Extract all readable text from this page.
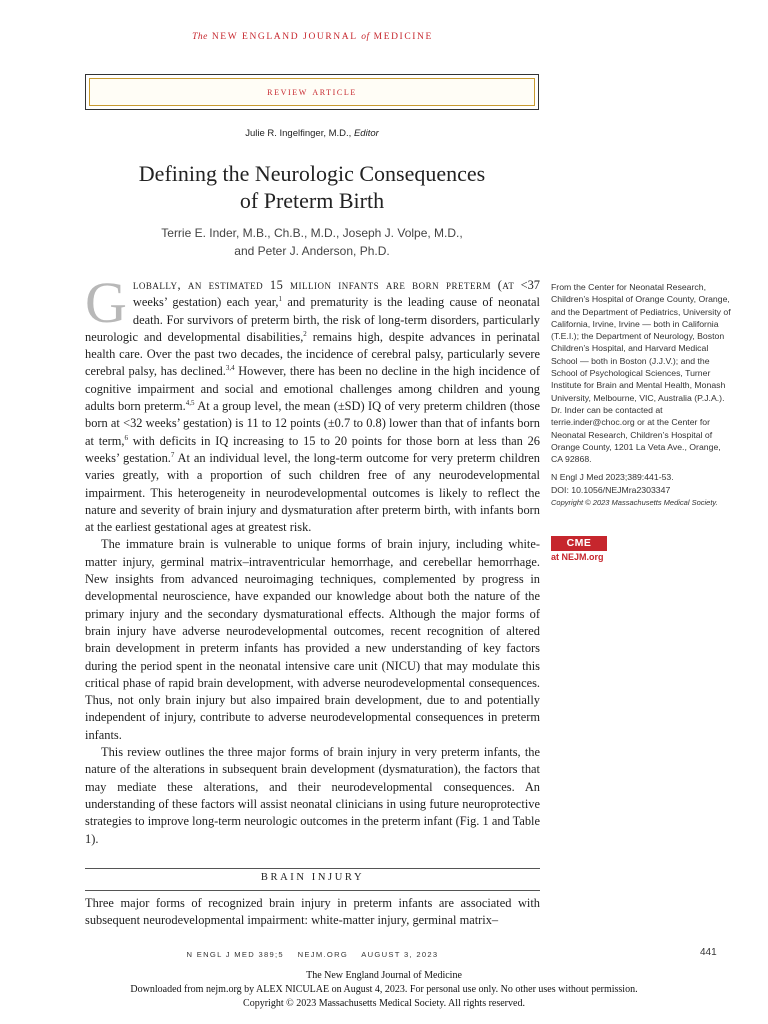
The NEW ENGLAND JOURNAL of MEDICINE
review article
Julie R. Ingelfinger, M.D., Editor
Defining the Neurologic Consequences
of Preterm Birth
Terrie E. Inder, M.B., Ch.B., M.D., Joseph J. Volpe, M.D.,
and Peter J. Anderson, Ph.D.

Globally, an estimated 15 million infants are born preterm (at <37 weeks’ gestation) each year,$^1$ and prematurity is the leading cause of neonatal death. For survivors of preterm birth, the risk of long-term disorders, particularly neurologic and developmental disabilities,$^2$ remains high, despite advances in perinatal health care. Over the past two decades, the incidence of cerebral palsy, particularly severe cerebral palsy, has declined.$^{3,4}$ However, there has been no decline in the high incidence of cognitive impairment and social and emotional challenges among children and young adults born preterm.$^{4,5}$ At a group level, the mean (±SD) IQ of very preterm children (those born at <32 weeks’ gestation) is 11 to 12 points (±0.7 to 0.8) lower than that of infants born at term,$^6$ with deficits in IQ increasing to 15 to 20 points for those born at less than 26 weeks’ gestation.$^7$ At an individual level, the long-term outcome for very preterm children varies greatly, with a proportion of such children free of any neurodevelopmental impairment. This heterogeneity in neurodevelopmental outcomes is likely to reflect the nature and severity of brain injury and dysmaturation after preterm birth, with infants born at the earliest gestational ages at greatest risk.

The immature brain is vulnerable to unique forms of brain injury, including white-matter injury, germinal matrix–intraventricular hemorrhage, and cerebellar hemorrhage. New insights from advanced neuroimaging techniques, complemented by progress in developmental neuroscience, have expanded our knowledge about both the nature of the primary injury and the secondary dysmaturational effects. Although the major forms of brain injury have adverse neurodevelopmental outcomes, recent recognition of altered brain development in preterm infants has provided a new understanding of key factors during the period spent in the neonatal intensive care unit (NICU) that may modulate this critical phase of rapid brain development, with adverse neurodevelopmental consequences. Thus, not only brain injury but also impaired brain development, due to and potentially independent of injury, contribute to adverse neurodevelopmental consequences in preterm infants.

This review outlines the three major forms of brain injury in very preterm infants, the nature of the alterations in subsequent brain development (dysmaturation), the factors that may mediate these alterations, and their neurodevelopmental consequences. An understanding of these factors will assist neonatal clinicians in using future neuroprotective strategies to improve long-term neurologic outcomes in the preterm infant (Fig. 1 and Table 1).

From the Center for Neonatal Research, Children’s Hospital of Orange County, Orange, and the Department of Pediatrics, University of California, Irvine, Irvine — both in California (T.E.I.); the Department of Neurology, Boston Children’s Hospital, and Harvard Medical School — both in Boston (J.J.V.); and the School of Psychological Sciences, Turner Institute for Brain and Mental Health, Monash University, Melbourne, VIC, Australia (P.J.A.). Dr. Inder can be contacted at terrie.inder@choc.org or at the Center for Neonatal Research, Children’s Hospital of Orange County, 1201 La Veta Ave., Orange, CA 92868.

N Engl J Med 2023;389:441-53.
DOI: 10.1056/NEJMra2303347
Copyright © 2023 Massachusetts Medical Society.

CME
at NEJM.org
BRAIN INJURY
Three major forms of recognized brain injury in preterm infants are associated with subsequent neurodevelopmental impairment: white-matter injury, germinal matrix–
N ENGL J MED 389;5    NEJM.ORG    AUGUST 3, 2023	441
The New England Journal of Medicine
Downloaded from nejm.org by ALEX NICULAE on August 4, 2023. For personal use only. No other uses without permission.
Copyright © 2023 Massachusetts Medical Society. All rights reserved.
